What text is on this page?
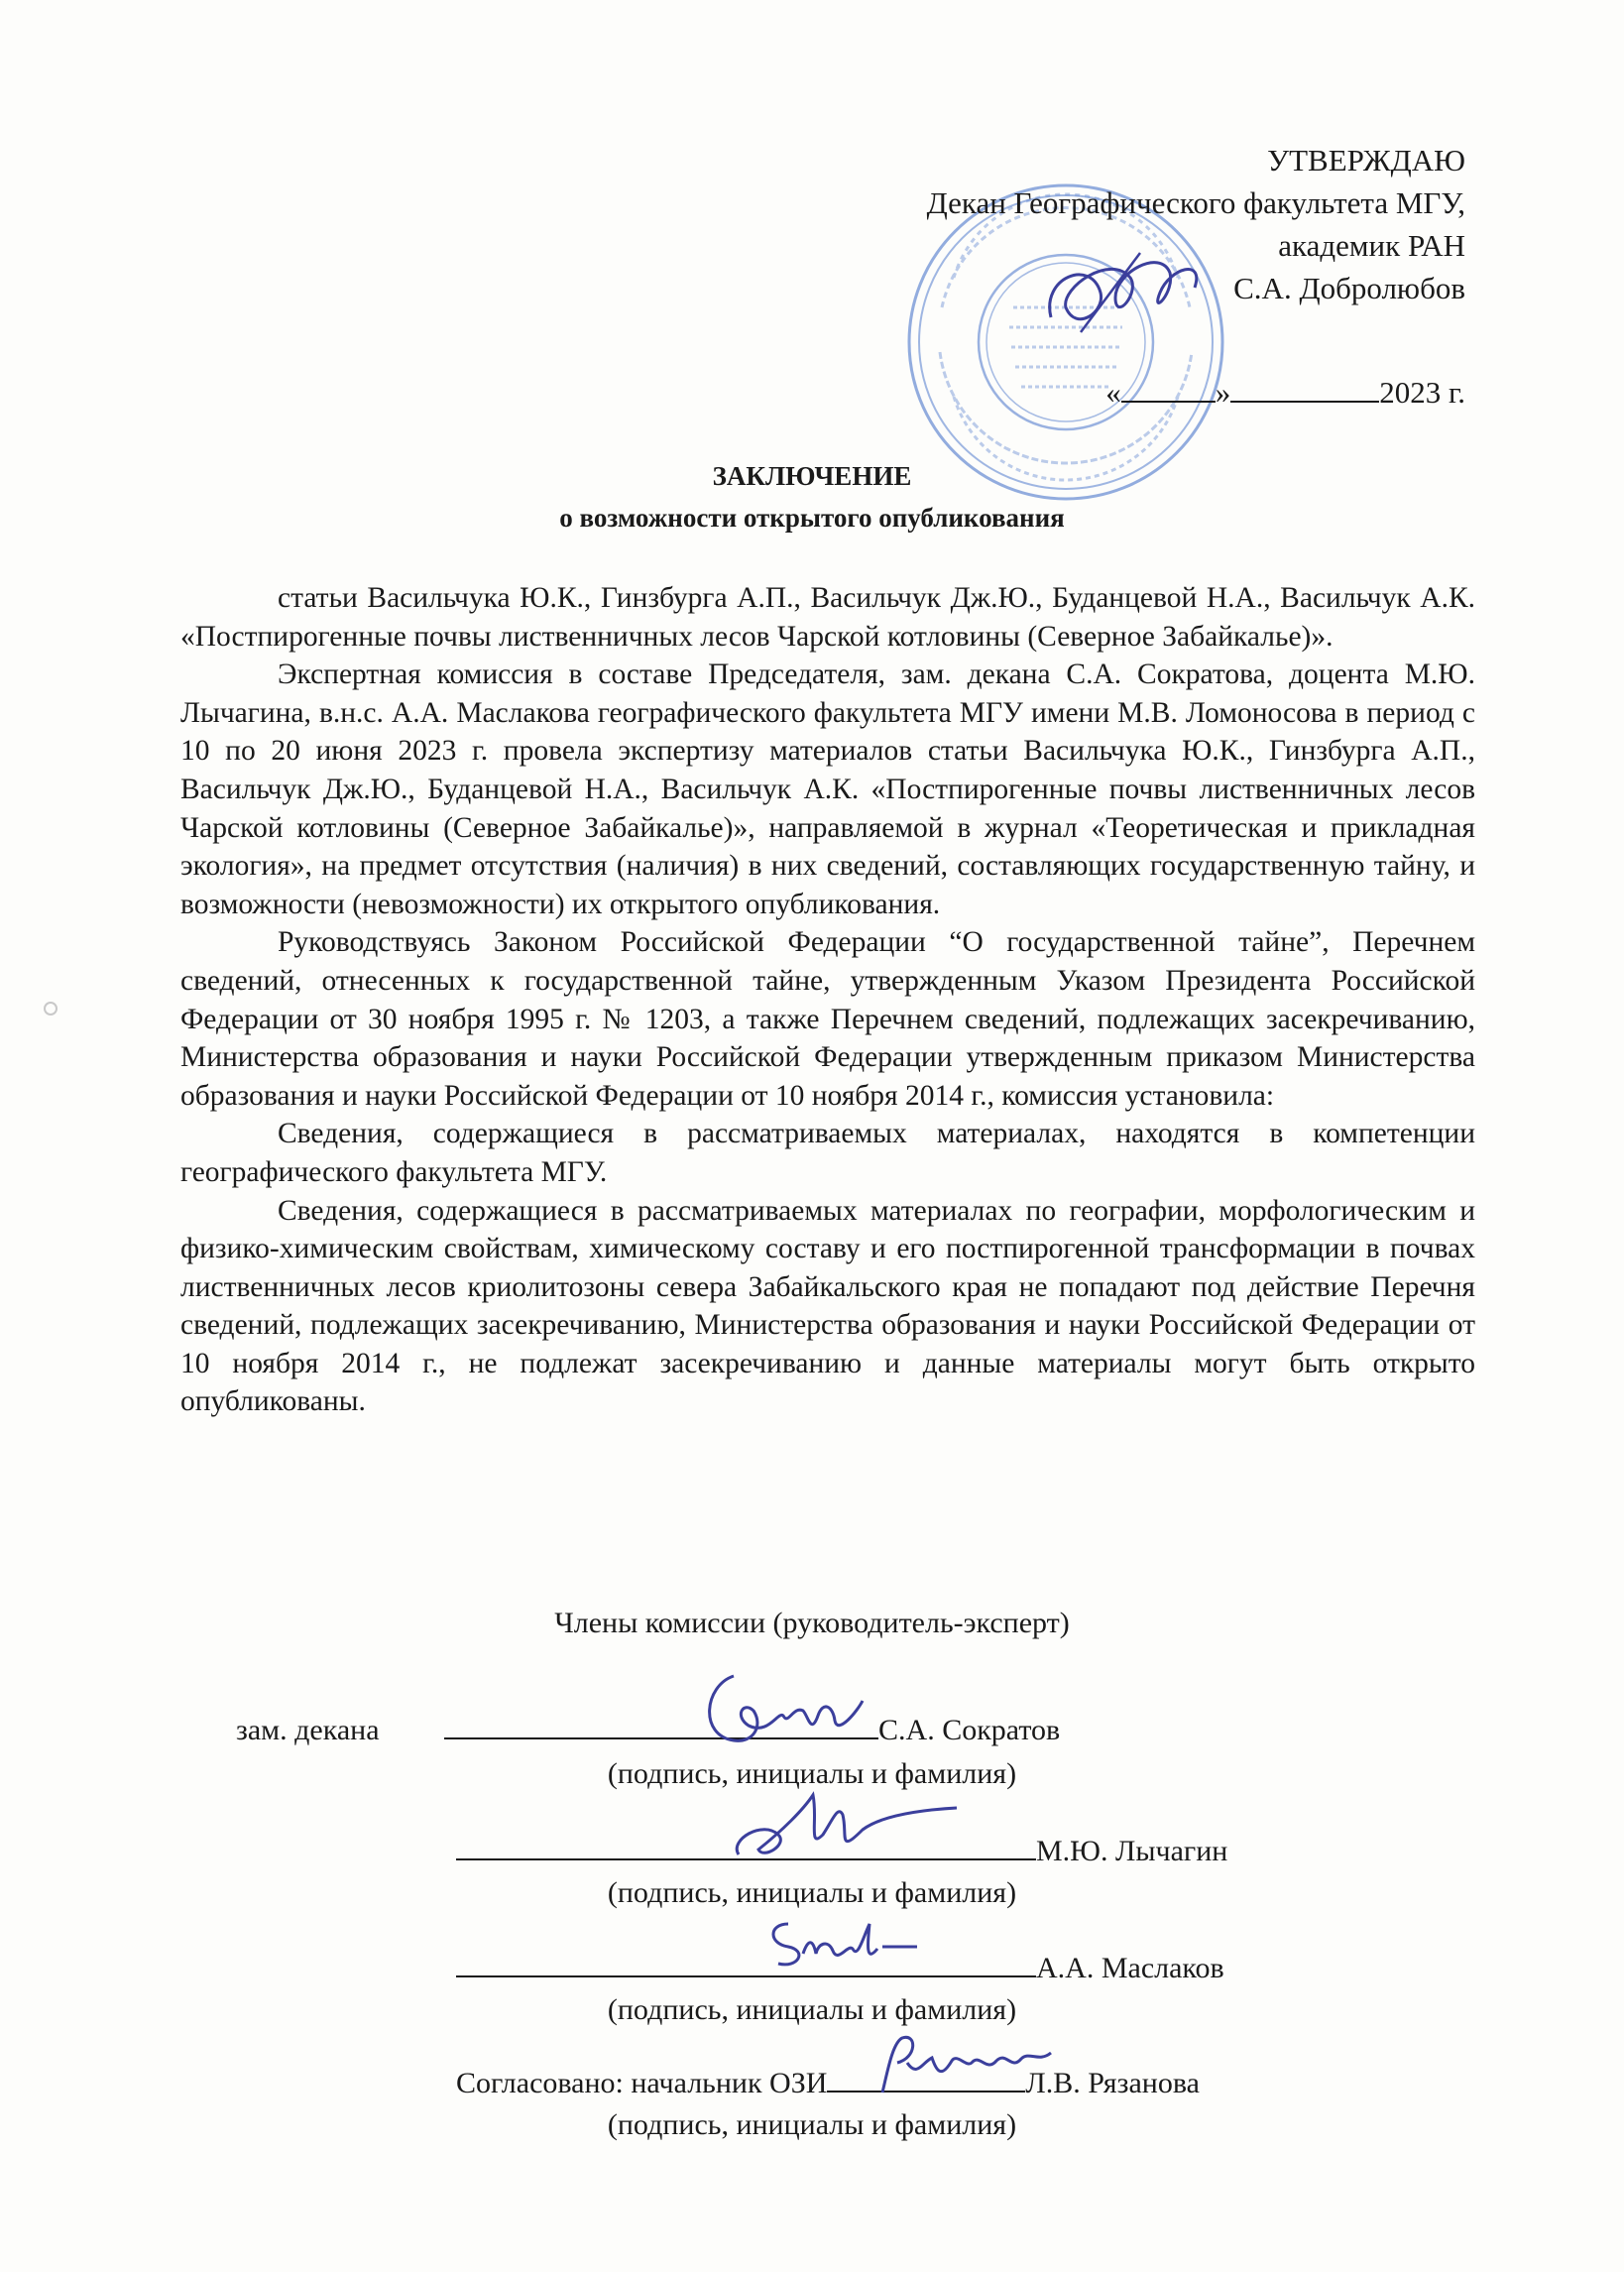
УТВЕРЖДАЮ
Декан Географического факультета МГУ,
академик РАН
С.А. Добролюбов
«	»	2023 г.
ЗАКЛЮЧЕНИЕ
о возможности открытого опубликования

статьи Васильчука Ю.К., Гинзбурга А.П., Васильчук Дж.Ю., Буданцевой Н.А., Васильчук А.К. «Постпирогенные почвы лиственничных лесов Чарской котловины (Северное Забайкалье)».

Экспертная комиссия в составе Председателя, зам. декана С.А. Сократова, доцента М.Ю. Лычагина, в.н.с. А.А. Маслакова географического факультета МГУ имени М.В. Ломоносова в период с 10 по 20 июня 2023 г. провела экспертизу материалов статьи Васильчука Ю.К., Гинзбурга А.П., Васильчук Дж.Ю., Буданцевой Н.А., Васильчук А.К. «Постпирогенные почвы лиственничных лесов Чарской котловины (Северное Забайкалье)», направляемой в журнал «Теоретическая и прикладная экология», на предмет отсутствия (наличия) в них сведений, составляющих государственную тайну, и возможности (невозможности) их открытого опубликования.

Руководствуясь Законом Российской Федерации “О государственной тайне”, Перечнем сведений, отнесенных к государственной тайне, утвержденным Указом Президента Российской Федерации от 30 ноября 1995 г. № 1203, а также Перечнем сведений, подлежащих засекречиванию, Министерства образования и науки Российской Федерации утвержденным приказом Министерства образования и науки Российской Федерации от 10 ноября 2014 г., комиссия установила:

Сведения, содержащиеся в рассматриваемых материалах, находятся в компетенции географического факультета МГУ.

Сведения, содержащиеся в рассматриваемых материалах по географии, морфологическим и физико-химическим свойствам, химическому составу и его постпирогенной трансформации в почвах лиственничных лесов криолитозоны севера Забайкальского края не попадают под действие Перечня сведений, подлежащих засекречиванию, Министерства образования и науки Российской Федерации от 10 ноября 2014 г., не подлежат засекречиванию и данные материалы могут быть открыто опубликованы.

Члены комиссии (руководитель-эксперт)
зам. декана	С.А. Сократов
(подпись, инициалы и фамилия)
М.Ю. Лычагин
(подпись, инициалы и фамилия)
А.А. Маслаков
(подпись, инициалы и фамилия)
Согласовано: начальник ОЗИ	Л.В. Рязанова
(подпись, инициалы и фамилия)
